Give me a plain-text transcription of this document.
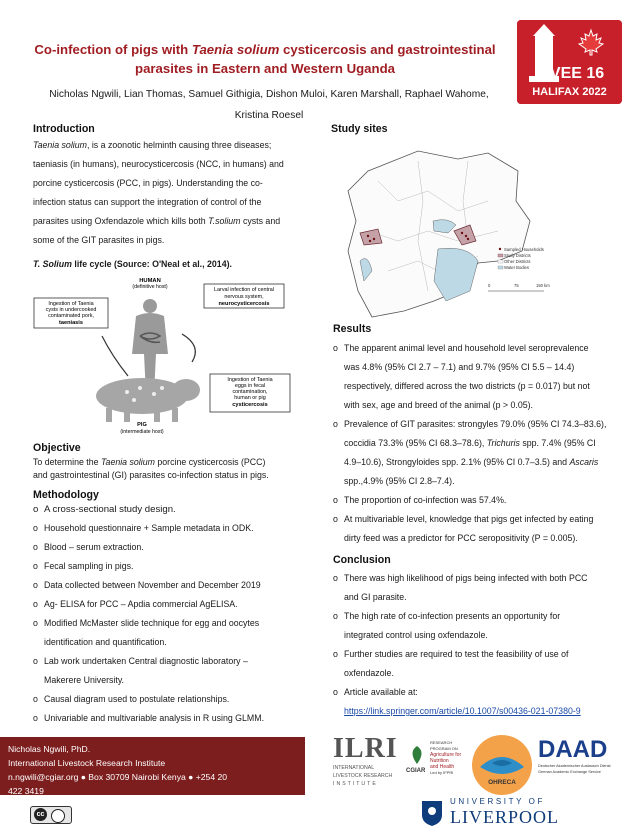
Co-infection of pigs with Taenia solium cysticercosis and gastrointestinal
parasites in Eastern and Western Uganda
Nicholas Ngwili, Lian Thomas, Samuel Githigia, Dishon Muloi, Karen Marshall, Raphael Wahome,
Kristina Roesel
ISVEE 16
HALIFAX 2022
Introduction
Taenia solium, is a zoonotic helminth causing three diseases;
taeniasis (in humans), neurocysticercosis (NCC, in humans) and
porcine cysticercosis (PCC, in pigs). Understanding the co-
infection status can support the integration of control of the
parasites using Oxfendazole which kills both T.solium cysts and
some of the GIT parasites in pigs.
T. Solium life cycle (Source: O'Neal et al., 2014).
HUMAN
(definitive host)	Larval infection of central
nervous system,
neurocysticercosis
Ingestion of Taenia
cysts in undercooked
contaminated pork,
taeniasis
Ingestion of Taenia
eggs in fecal
contamination,
human or pig
cysticercosis
PIG
(intermediate host)
Objective
To determine the Taenia solium porcine cysticercosis (PCC)
and gastrointestinal (GI) parasites co-infection status in pigs.
Methodology
o A cross-sectional study design.
o Household questionnaire + Sample metadata in ODK.
o Blood – serum extraction.
o Fecal sampling in pigs.
o Data collected between November and December 2019
o Ag- ELISA for PCC – Apdia commercial AgELISA.
o Modified McMaster slide technique for egg and oocytes
identification and quantification.
o Lab work undertaken Central diagnostic laboratory –
Makerere University.
o Causal diagram used to postulate relationships.
o Univariable and multivariable analysis in R using GLMM.
Study sites
Sampled Households
Study Districts
Other Districts
Water Bodies
0	75	150 km
Results
o The apparent animal level and household level seroprevalence
was 4.8% (95% CI 2.7 – 7.1) and 9.7% (95% CI 5.5 – 14.4)
respectively, differed across the two districts (p = 0.017) but not
with sex, age and breed of the animal (p > 0.05).
o Prevalence of GIT parasites: strongyles 79.0% (95% CI 74.3–83.6),
coccidia 73.3% (95% CI 68.3–78.6), Trichuris spp. 7.4% (95% CI
4.9–10.6), Strongyloides spp. 2.1% (95% CI 0.7–3.5) and Ascaris
spp.,4.9% (95% CI 2.8–7.4).
o The proportion of co-infection was 57.4%.
o At multivariable level, knowledge that pigs get infected by eating
dirty feed was a predictor for PCC seropositivity (P = 0.005).
Conclusion
o There was high likelihood of pigs being infected with both PCC
and GI parasite.
o The high rate of co-infection presents an opportunity for
integrated control using oxfendazole.
o Further studies are required to test the feasibility of use of
oxfendazole.
o Article available at:
https://link.springer.com/article/10.1007/s00436-021-07380-9
Nicholas Ngwili, PhD.
International Livestock Research Institute
n.ngwili@cgiar.org ● Box 30709 Nairobi Kenya ● +254 20
422 3419
cc
ILRI
INTERNATIONAL
LIVESTOCK RESEARCH
INSTITUTE
CGIAR
RESEARCH
PROGRAM ON
Agriculture for
Nutrition
and Health
Led by IFPRI
OHRECA
DAAD
Deutscher Akademischer Austausch Dienst
German Academic Exchange Service
UNIVERSITY OF
LIVERPOOL
